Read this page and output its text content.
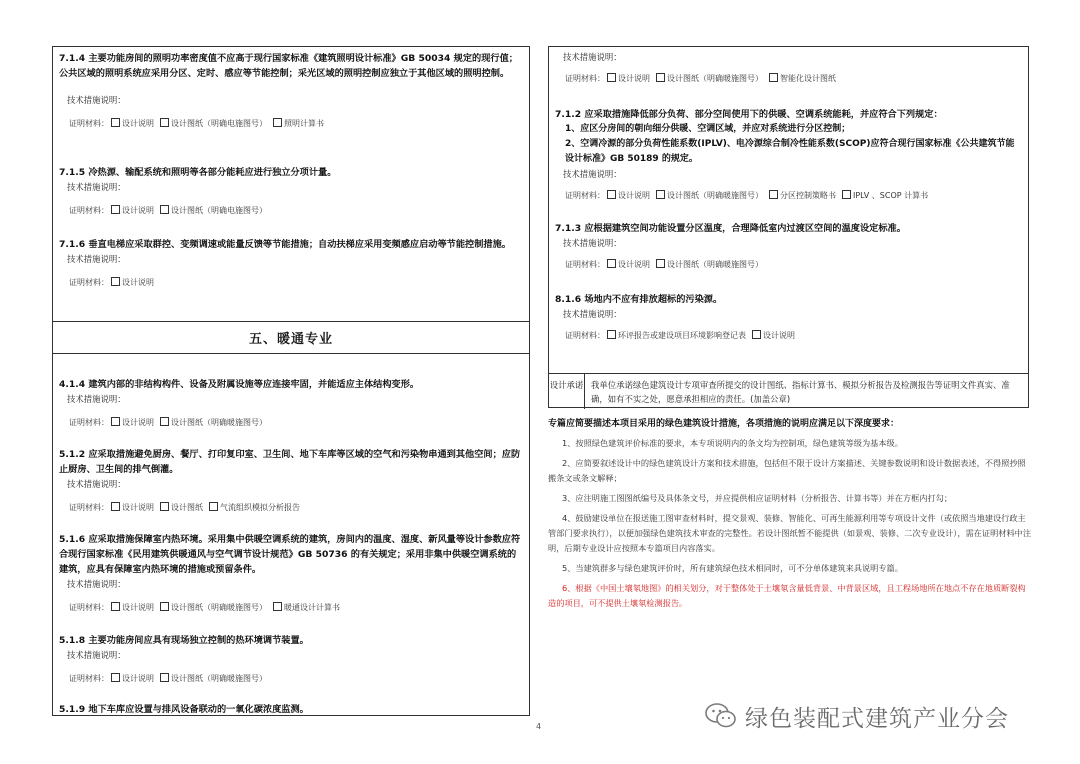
7.1.4 主要功能房间的照明功率密度值不应高于现行国家标准《建筑照明设计标准》GB 50034 规定的现行值；公共区域的照明系统应采用分区、定时、感应等节能控制；采光区域的照明控制应独立于其他区域的照明控制。
技术措施说明：
证明材料： 设计说明 设计图纸（明确电施图号） 照明计算书
7.1.5 冷热源、输配系统和照明等各部分能耗应进行独立分项计量。
技术措施说明：
证明材料： 设计说明 设计图纸（明确电施图号）
7.1.6 垂直电梯应采取群控、变频调速或能量反馈等节能措施；自动扶梯应采用变频感应启动等节能控制措施。
技术措施说明：
证明材料： 设计说明
五、暖通专业
4.1.4 建筑内部的非结构构件、设备及附属设施等应连接牢固，并能适应主体结构变形。
技术措施说明：
证明材料： 设计说明 设计图纸（明确暖施图号）
5.1.2 应采取措施避免厨房、餐厅、打印复印室、卫生间、地下车库等区域的空气和污染物串通到其他空间；应防止厨房、卫生间的排气倒灌。
技术措施说明：
证明材料： 设计说明 设计图纸 气流组织模拟分析报告
5.1.6 应采取措施保障室内热环境。采用集中供暖空调系统的建筑，房间内的温度、湿度、新风量等设计参数应符合现行国家标准《民用建筑供暖通风与空气调节设计规范》GB 50736 的有关规定；采用非集中供暖空调系统的建筑，应具有保障室内热环境的措施或预留条件。
技术措施说明：
证明材料： 设计说明 设计图纸（明确暖施图号） 暖通设计计算书
5.1.8 主要功能房间应具有现场独立控制的热环境调节装置。
技术措施说明：
证明材料： 设计说明 设计图纸（明确暖施图号）
5.1.9 地下车库应设置与排风设备联动的一氧化碳浓度监测。
技术措施说明：
证明材料： 设计说明 设计图纸（明确暖施图号） 智能化设计图纸
7.1.2 应采取措施降低部分负荷、部分空间使用下的供暖、空调系统能耗，并应符合下列规定：
1、应区分房间的朝向细分供暖、空调区域，并应对系统进行分区控制；
2、空调冷源的部分负荷性能系数(IPLV)、电冷源综合制冷性能系数(SCOP)应符合现行国家标准《公共建筑节能设计标准》GB 50189 的规定。
技术措施说明：
证明材料： 设计说明 设计图纸（明确暖施图号） 分区控制策略书 IPLV 、SCOP 计算书
7.1.3 应根据建筑空间功能设置分区温度，合理降低室内过渡区空间的温度设定标准。
技术措施说明：
证明材料： 设计说明 设计图纸（明确暖施图号）
8.1.6 场地内不应有排放超标的污染源。
技术措施说明：
证明材料： 环评报告或建设项目环境影响登记表 设计说明
设计承诺 我单位承诺绿色建筑设计专项审查所提交的设计图纸、指标计算书、模拟分析报告及检测报告等证明文件真实、准确，如有不实之处，愿意承担相应的责任。(加盖公章)
专篇应简要描述本项目采用的绿色建筑设计措施，各项措施的说明应满足以下深度要求：
1、按照绿色建筑评价标准的要求，本专项说明内的条文均为控制项，绿色建筑等级为基本级。
2、应简要叙述设计中的绿色建筑设计方案和技术措施，包括但不限于设计方案描述、关键参数说明和设计数据表述，不得照抄照搬条文或条文解释；
3、应注明施工图图纸编号及具体条文号，并应提供相应证明材料（分析报告、计算书等）并在方框内打勾；
4、鼓励建设单位在报送施工图审查材料时，提交景观、装修、智能化、可再生能源利用等专项设计文件（或依照当地建设行政主管部门要求执行），以便加强绿色建筑技术审查的完整性。若设计图纸暂不能提供（如景观、装修、二次专业设计），需在证明材料中注明，后期专业设计应按照本专篇项目内容落实。
5、当建筑群多与绿色建筑评价时，所有建筑绿色技术相同时，可不分单体建筑来具说明专篇。
6、根据《中国土壤氡地图》的相关划分，对于整体处于土壤氡含量低背景、中背景区域，且工程场地所在地点不存在地质断裂构造的项目，可不提供土壤氡检测报告。
4	绿色装配式建筑产业分会
